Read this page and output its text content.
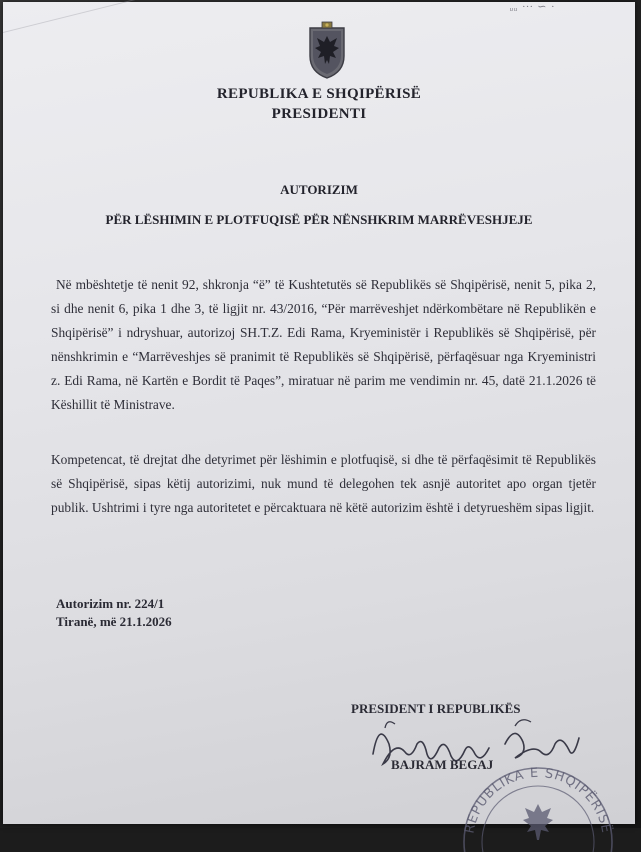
ᵤᵤ ··· ∽ ·
REPUBLIKA E SHQIPËRISË
PRESIDENTI
AUTORIZIM
PËR LËSHIMIN E PLOTFUQISË PËR NËNSHKRIM MARRËVESHJEJE
Në mbështetje të nenit 92, shkronja “ë” të Kushtetutës së Republikës së Shqipërisë, nenit 5, pika 2, si dhe nenit 6, pika 1 dhe 3, të ligjit nr. 43/2016, “Për marrëveshjet ndërkombëtare në Republikën e Shqipërisë” i ndryshuar, autorizoj SH.T.Z. Edi Rama, Kryeministër i Republikës së Shqipërisë, për nënshkrimin e “Marrëveshjes së pranimit të Republikës së Shqipërisë, përfaqësuar nga Kryeministri z. Edi Rama, në Kartën e Bordit të Paqes”, miratuar në parim me vendimin nr. 45, datë 21.1.2026 të Këshillit të Ministrave.
Kompetencat, të drejtat dhe detyrimet për lëshimin e plotfuqisë, si dhe të përfaqësimit të Republikës së Shqipërisë, sipas këtij autorizimi, nuk mund të delegohen tek asnjë autoritet apo organ tjetër publik. Ushtrimi i tyre nga autoritetet e përcaktuara në këtë autorizim është i detyrueshëm sipas ligjit.
Autorizim nr. 224/1
Tiranë, më 21.1.2026
PRESIDENT I REPUBLIKËS
BAJRAM BEGAJ
REPUBLIKA E SHQIPËRISË
